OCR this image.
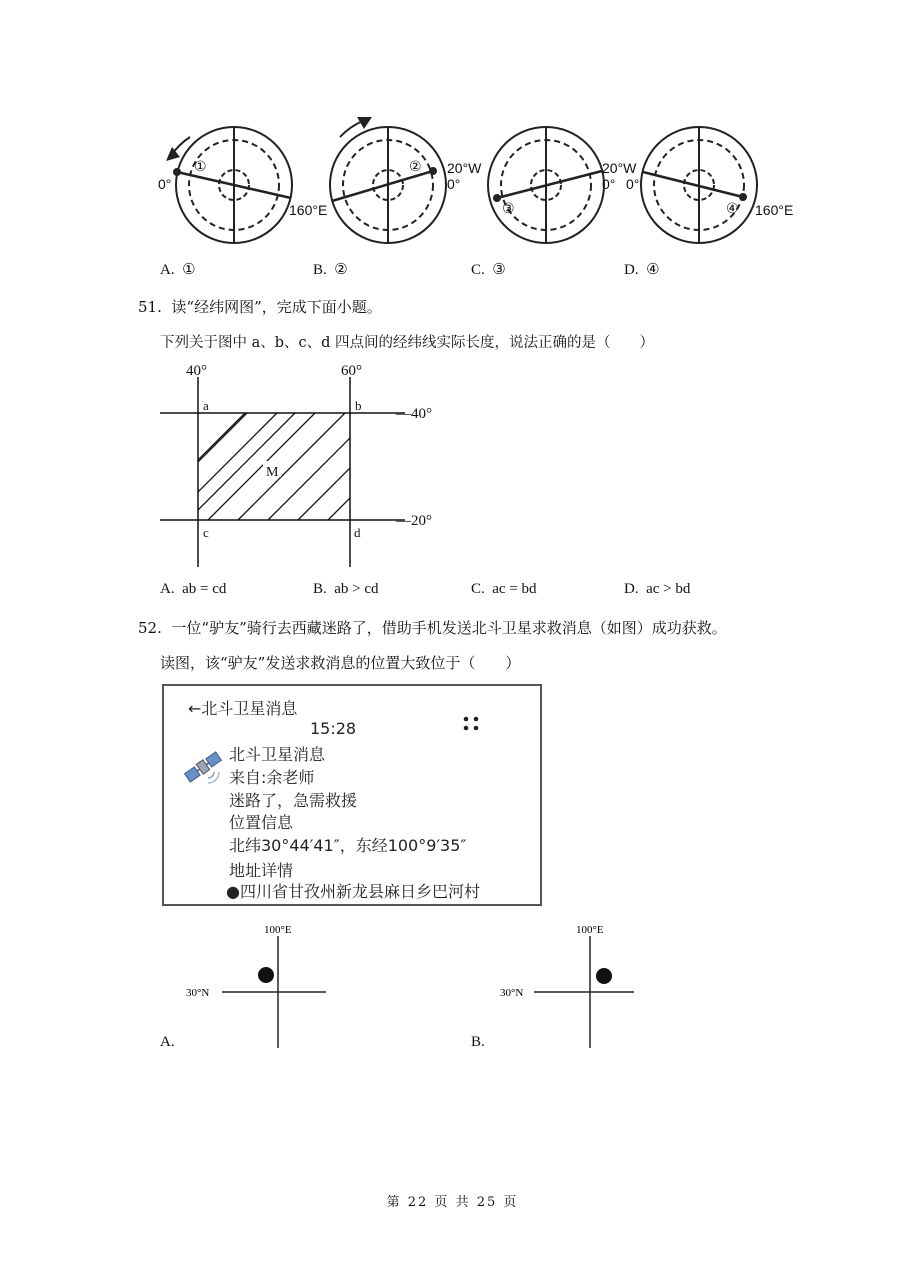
①
0°
160°E
② 20°W
0°
③
20°W
0° 0°
④ 160°E
A. ①	B. ②	C. ③	D. ④
51. 读“经纬网图”，完成下面小题。
下列关于图中 a、b、c、d 四点间的经纬线实际长度，说法正确的是（　　）
40°	60°
—40°
—20°
a	b
c	d
M
A. ab = cd	B. ab > cd	C. ac = bd	D. ac > bd
52. 一位“驴友”骑行去西藏迷路了，借助手机发送北斗卫星求救消息（如图）成功获救。
读图，该“驴友”发送求救消息的位置大致位于（　　）
←北斗卫星消息
15:28
北斗卫星消息
来自:余老师
迷路了，急需救援
位置信息
北纬30°44′41″，东经100°9′35″
地址详情
●四川省甘孜州新龙县麻日乡巴河村
100°E
30°N
A.
100°E
30°N
B.
第 22 页 共 25 页
